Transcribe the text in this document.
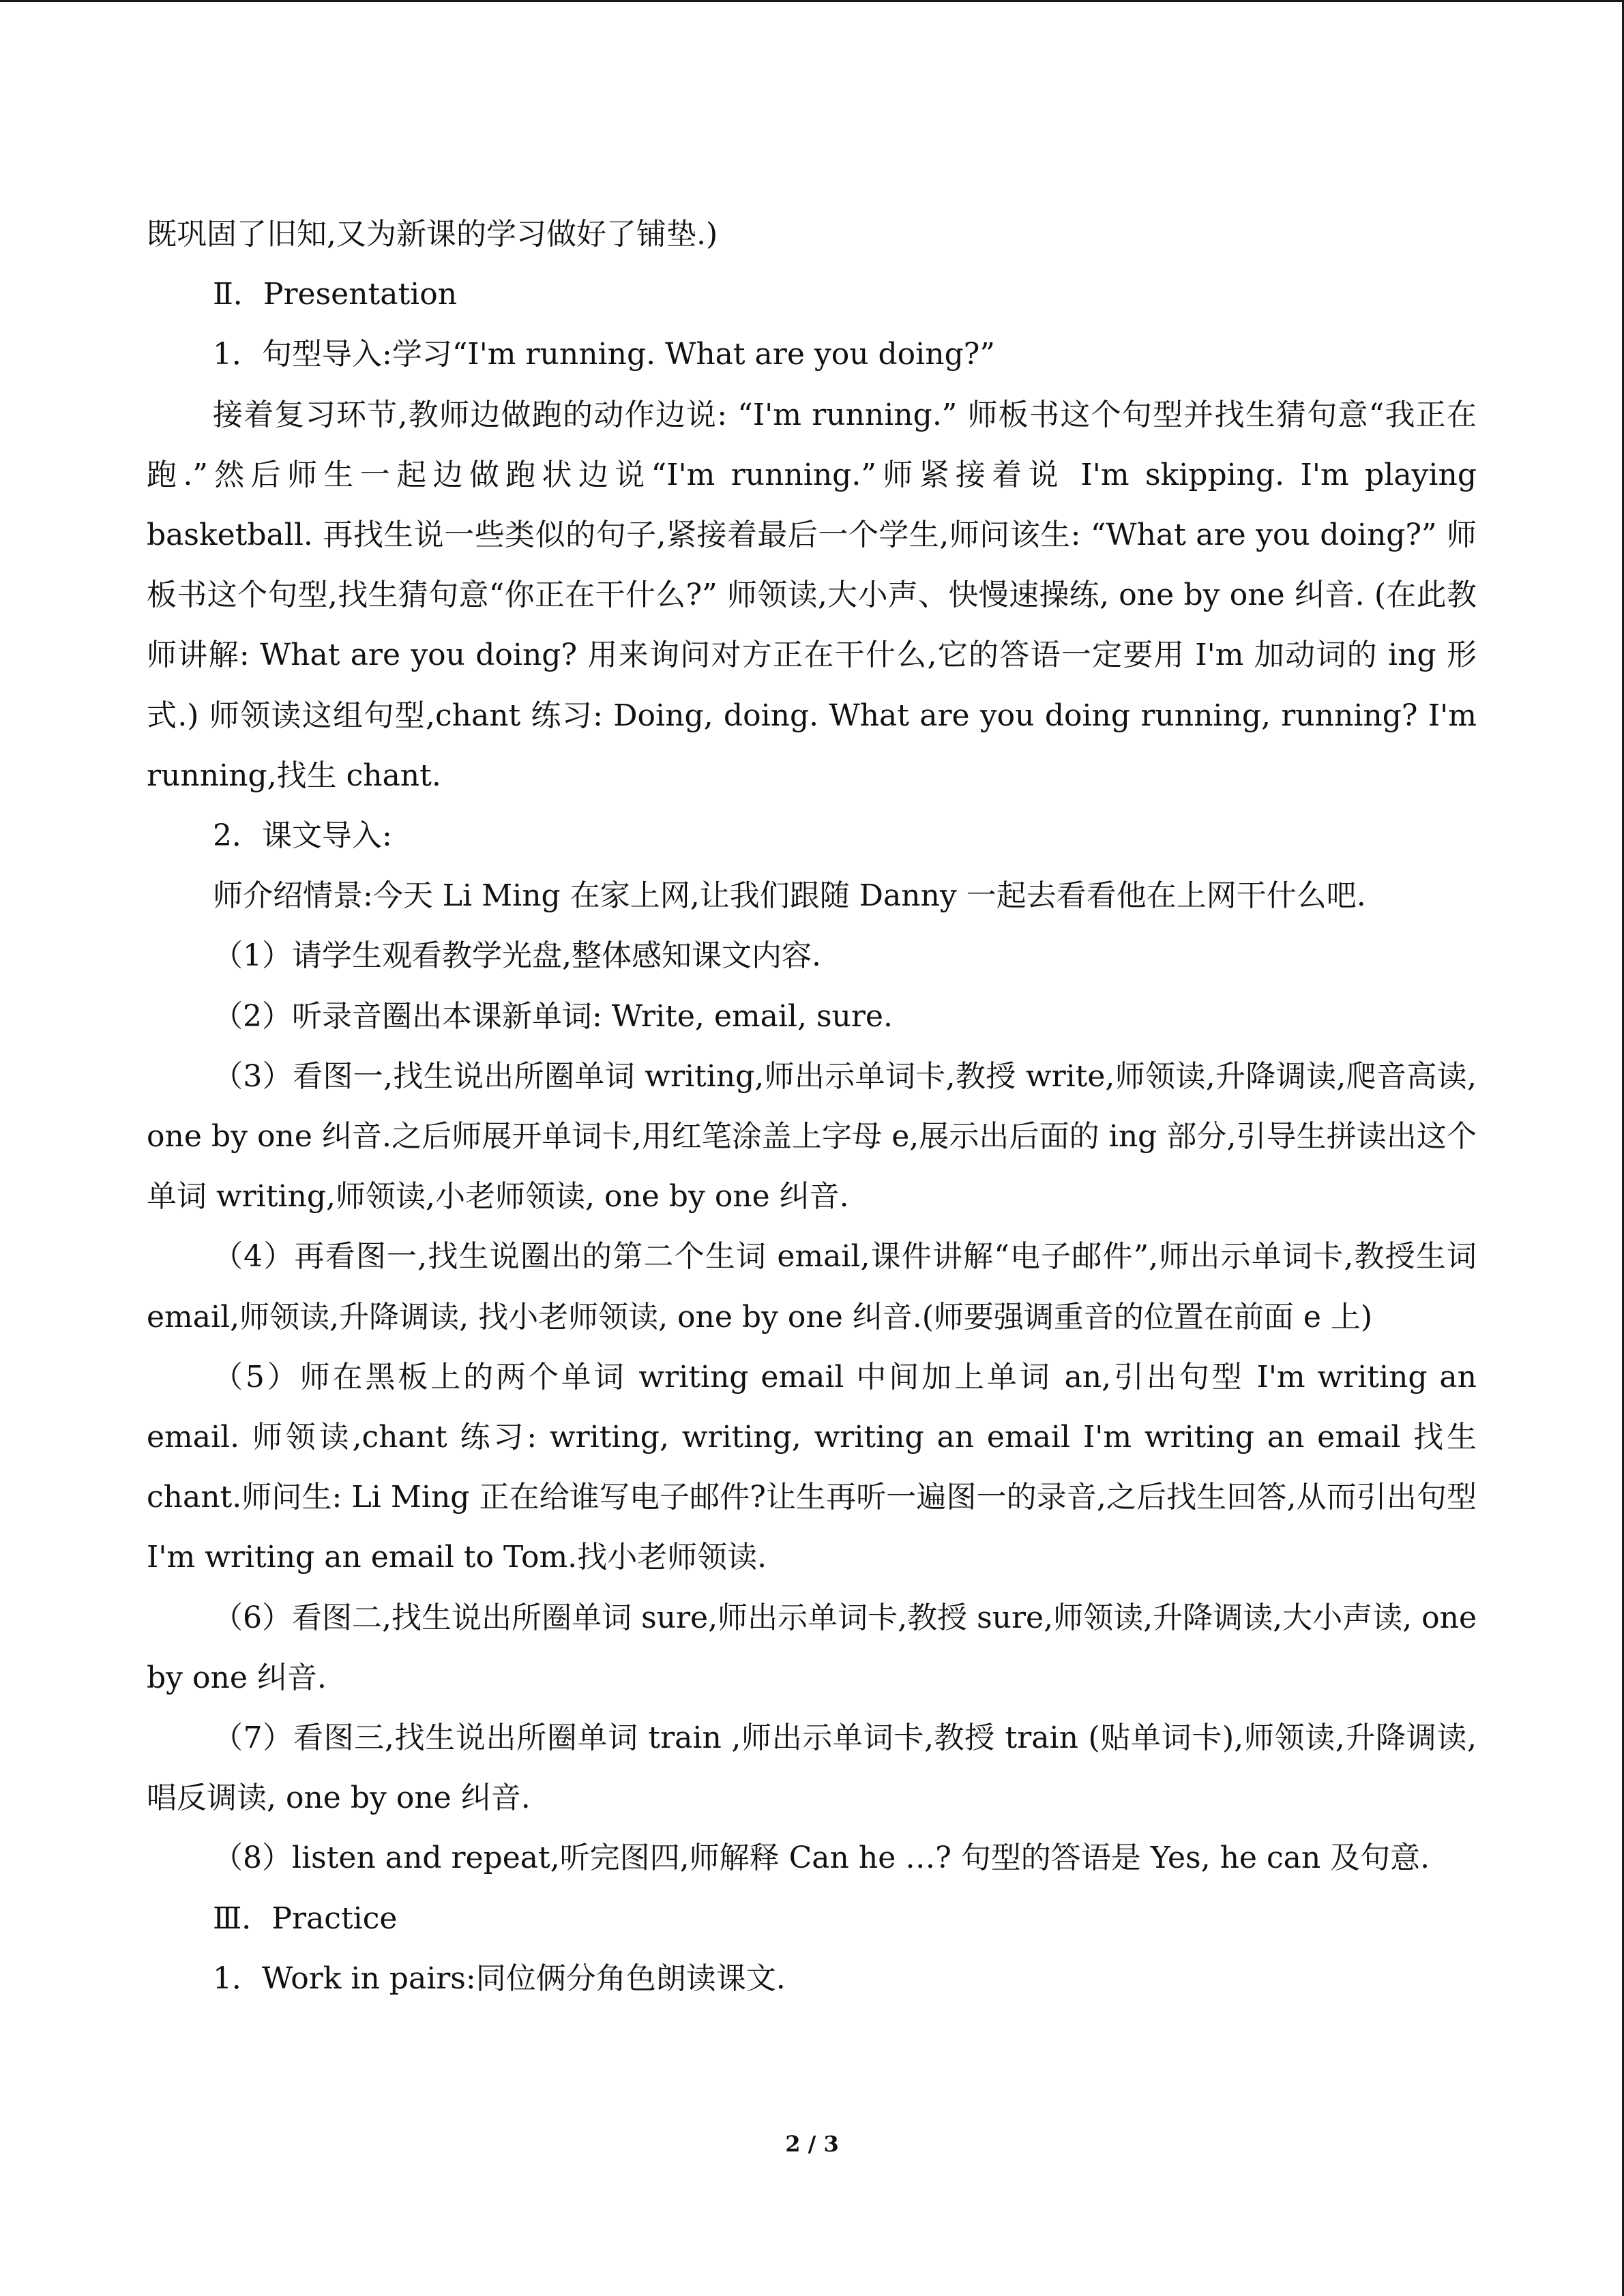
既巩固了旧知,又为新课的学习做好了铺垫.)

Ⅱ．Presentation

1．句型导入:学习“I'm running. What are you doing?”

接着复习环节,教师边做跑的动作边说: “I'm running.” 师板书这个句型并找生猜句意“我正在跑.”然后师生一起边做跑状边说“I'm running.”师紧接着说 I'm skipping. I'm playing basketball. 再找生说一些类似的句子,紧接着最后一个学生,师问该生: “What are you doing?” 师板书这个句型,找生猜句意“你正在干什么?” 师领读,大小声、快慢速操练, one by one 纠音. (在此教师讲解: What are you doing? 用来询问对方正在干什么,它的答语一定要用 I'm 加动词的 ing 形式.) 师领读这组句型,chant 练习: Doing, doing. What are you doing running, running? I'm running,找生 chant.

2．课文导入:

师介绍情景:今天 Li Ming 在家上网,让我们跟随 Danny 一起去看看他在上网干什么吧.

（1）请学生观看教学光盘,整体感知课文内容.

（2）听录音圈出本课新单词: Write, email, sure.

（3）看图一,找生说出所圈单词 writing,师出示单词卡,教授 write,师领读,升降调读,爬音高读, one by one 纠音.之后师展开单词卡,用红笔涂盖上字母 e,展示出后面的 ing 部分,引导生拼读出这个单词 writing,师领读,小老师领读, one by one 纠音.

（4）再看图一,找生说圈出的第二个生词 email,课件讲解“电子邮件”,师出示单词卡,教授生词 email,师领读,升降调读, 找小老师领读, one by one 纠音.(师要强调重音的位置在前面 e 上)

（5）师在黑板上的两个单词 writing email 中间加上单词 an,引出句型 I'm writing an email. 师领读,chant 练习: writing, writing, writing an email I'm writing an email 找生 chant.师问生: Li Ming 正在给谁写电子邮件?让生再听一遍图一的录音,之后找生回答,从而引出句型 I'm writing an email to Tom.找小老师领读.

（6）看图二,找生说出所圈单词 sure,师出示单词卡,教授 sure,师领读,升降调读,大小声读, one by one 纠音.

（7）看图三,找生说出所圈单词 train ,师出示单词卡,教授 train (贴单词卡),师领读,升降调读,唱反调读, one by one 纠音.

（8）listen and repeat,听完图四,师解释 Can he …? 句型的答语是 Yes, he can 及句意.

Ⅲ．Practice

1．Work in pairs:同位俩分角色朗读课文.

2 / 3
